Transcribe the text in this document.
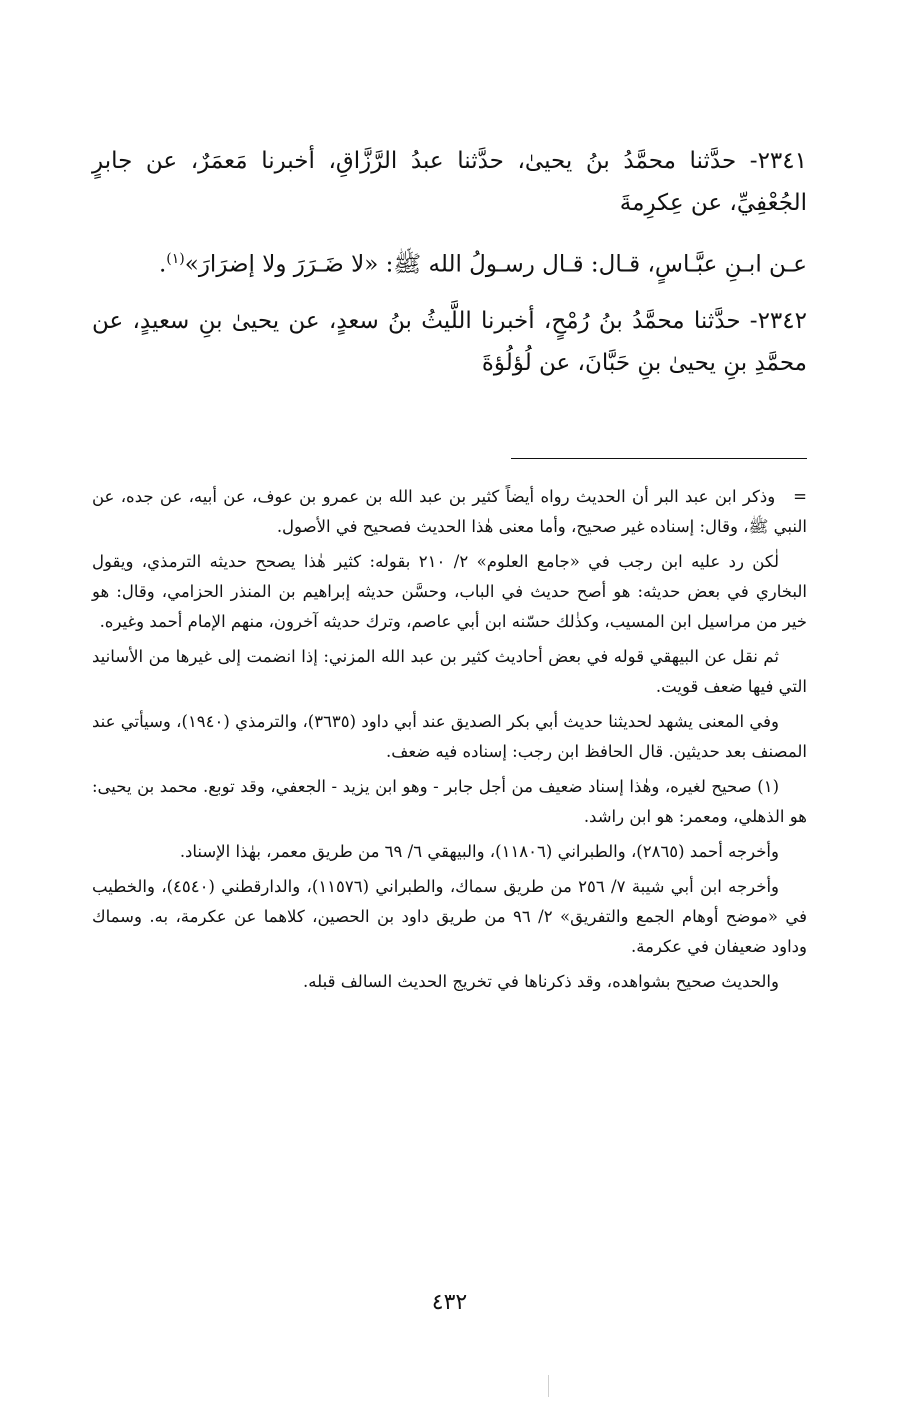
٢٣٤١- حدَّثنا محمَّدُ بنُ يحيىٰ، حدَّثنا عبدُ الرَّزَّاقِ، أخبرنا مَعمَرٌ، عن جابرٍ الجُعْفِيِّ، عن عِكرِمةَ

عـن ابـنِ عبَّـاسٍ، قـال: قـال رسـولُ الله ﷺ: «لا ضَـرَرَ ولا إضرَارَ»$^{(١)}$.

٢٣٤٢- حدَّثنا محمَّدُ بنُ رُمْحٍ، أخبرنا اللَّيثُ بنُ سعدٍ، عن يحيىٰ بنِ سعيدٍ، عن محمَّدِ بنِ يحيىٰ بنِ حَبَّانَ، عن لُؤلُؤةَ

=وذكر ابن عبد البر أن الحديث رواه أيضاً كثير بن عبد الله بن عمرو بن عوف، عن أبيه، عن جده، عن النبي ﷺ، وقال: إسناده غير صحيح، وأما معنى هٰذا الحديث فصحيح في الأصول.

لٰكن رد عليه ابن رجب في «جامع العلوم» ٢/ ٢١٠ بقوله: كثير هٰذا يصحح حديثه الترمذي، ويقول البخاري في بعض حديثه: هو أصح حديث في الباب، وحسَّن حديثه إبراهيم بن المنذر الحزامي، وقال: هو خير من مراسيل ابن المسيب، وكذٰلك حسّنه ابن أبي عاصم، وترك حديثه آخرون، منهم الإمام أحمد وغيره.

ثم نقل عن البيهقي قوله في بعض أحاديث كثير بن عبد الله المزني: إذا انضمت إلى غيرها من الأسانيد التي فيها ضعف قويت.

وفي المعنى يشهد لحديثنا حديث أبي بكر الصديق عند أبي داود (٣٦٣٥)، والترمذي (١٩٤٠)، وسيأتي عند المصنف بعد حديثين. قال الحافظ ابن رجب: إسناده فيه ضعف.

(١) صحيح لغيره، وهٰذا إسناد ضعيف من أجل جابر - وهو ابن يزيد - الجعفي، وقد توبع. محمد بن يحيى: هو الذهلي، ومعمر: هو ابن راشد.

وأخرجه أحمد (٢٨٦٥)، والطبراني (١١٨٠٦)، والبيهقي ٦/ ٦٩ من طريق معمر، بهٰذا الإسناد.

وأخرجه ابن أبي شيبة ٧/ ٢٥٦ من طريق سماك، والطبراني (١١٥٧٦)، والدارقطني (٤٥٤٠)، والخطيب في «موضح أوهام الجمع والتفريق» ٢/ ٩٦ من طريق داود بن الحصين، كلاهما عن عكرمة، به. وسماك وداود ضعيفان في عكرمة.

والحديث صحيح بشواهده، وقد ذكرناها في تخريج الحديث السالف قبله.

٤٣٢
